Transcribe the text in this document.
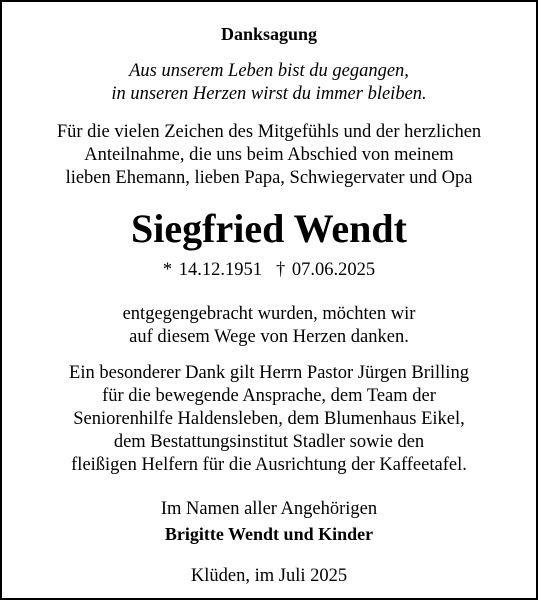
Danksagung
Aus unserem Leben bist du gegangen,
in unseren Herzen wirst du immer bleiben.
Für die vielen Zeichen des Mitgefühls und der herzlichen
Anteilnahme, die uns beim Abschied von meinem
lieben Ehemann, lieben Papa, Schwiegervater und Opa
Siegfried Wendt
* 14.12.1951 † 07.06.2025
entgegengebracht wurden, möchten wir
auf diesem Wege von Herzen danken.
Ein besonderer Dank gilt Herrn Pastor Jürgen Brilling
für die bewegende Ansprache, dem Team der
Seniorenhilfe Haldensleben, dem Blumenhaus Eikel,
dem Bestattungsinstitut Stadler sowie den
fleißigen Helfern für die Ausrichtung der Kaffeetafel.
Im Namen aller Angehörigen
Brigitte Wendt und Kinder
Klüden, im Juli 2025
